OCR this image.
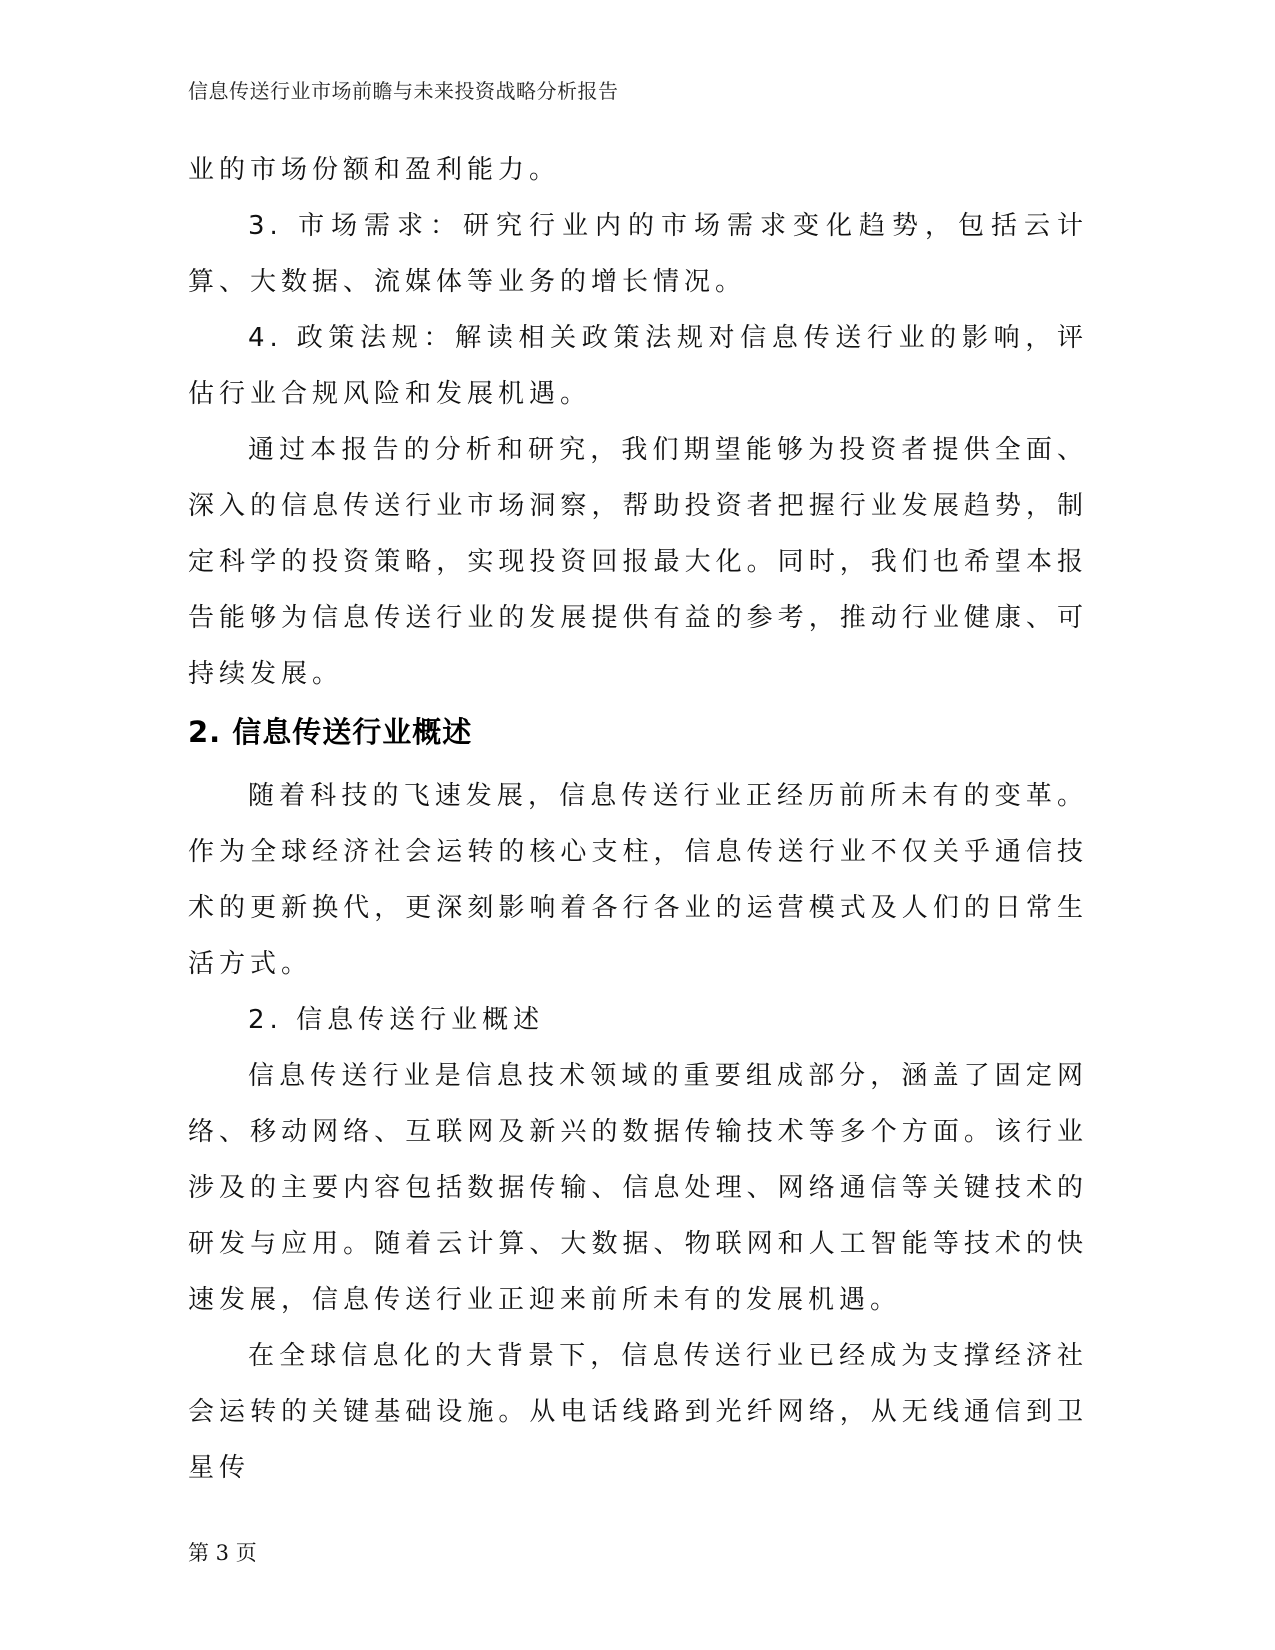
信息传送行业市场前瞻与未来投资战略分析报告

业的市场份额和盈利能力。

3. 市场需求：研究行业内的市场需求变化趋势，包括云计算、大数据、流媒体等业务的增长情况。

4. 政策法规：解读相关政策法规对信息传送行业的影响，评估行业合规风险和发展机遇。

通过本报告的分析和研究，我们期望能够为投资者提供全面、深入的信息传送行业市场洞察，帮助投资者把握行业发展趋势，制定科学的投资策略，实现投资回报最大化。同时，我们也希望本报告能够为信息传送行业的发展提供有益的参考，推动行业健康、可持续发展。

2. 信息传送行业概述

随着科技的飞速发展，信息传送行业正经历前所未有的变革。作为全球经济社会运转的核心支柱，信息传送行业不仅关乎通信技术的更新换代，更深刻影响着各行各业的运营模式及人们的日常生活方式。

2. 信息传送行业概述

信息传送行业是信息技术领域的重要组成部分，涵盖了固定网络、移动网络、互联网及新兴的数据传输技术等多个方面。该行业涉及的主要内容包括数据传输、信息处理、网络通信等关键技术的研发与应用。随着云计算、大数据、物联网和人工智能等技术的快速发展，信息传送行业正迎来前所未有的发展机遇。

在全球信息化的大背景下，信息传送行业已经成为支撑经济社会运转的关键基础设施。从电话线路到光纤网络，从无线通信到卫星传

第 3 页
